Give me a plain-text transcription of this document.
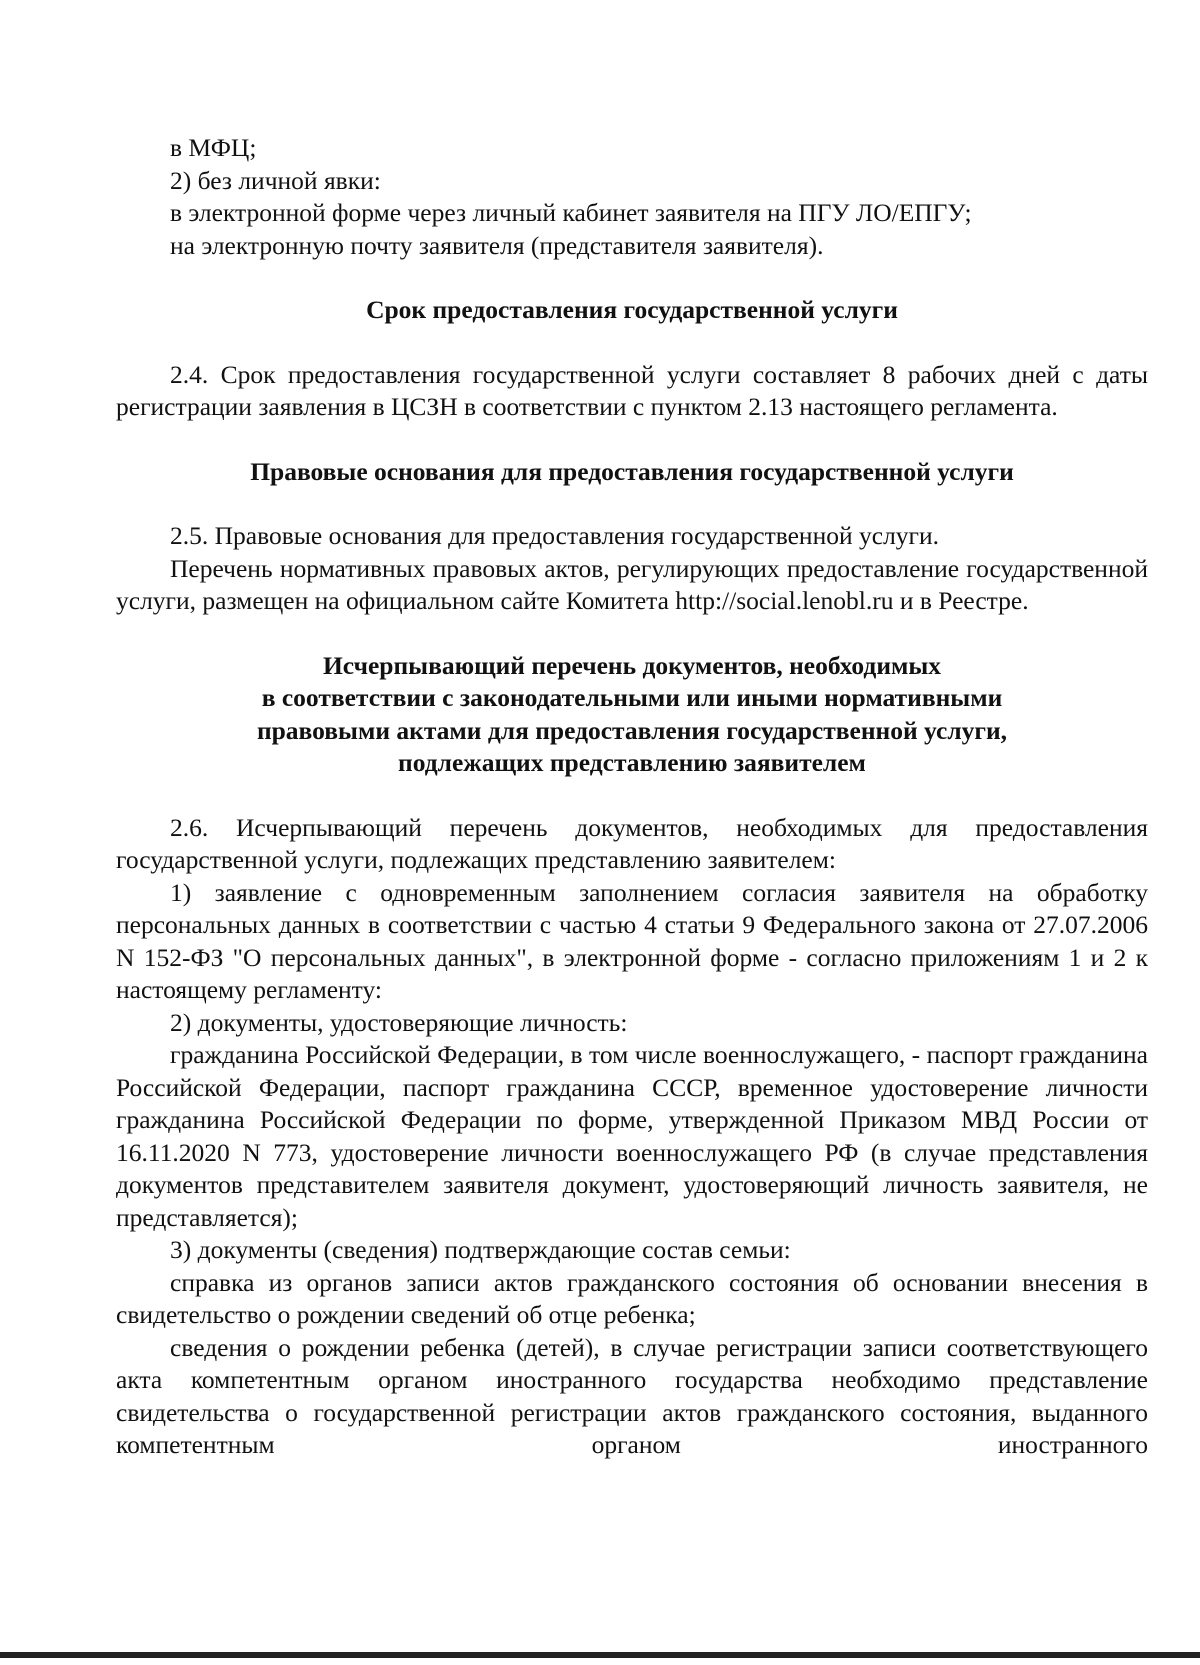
в МФЦ;

2) без личной явки:

в электронной форме через личный кабинет заявителя на ПГУ ЛО/ЕПГУ;

на электронную почту заявителя (представителя заявителя).

Срок предоставления государственной услуги

2.4. Срок предоставления государственной услуги составляет 8 рабочих дней с даты регистрации заявления в ЦСЗН в соответствии с пунктом 2.13 настоящего регламента.

Правовые основания для предоставления государственной услуги

2.5. Правовые основания для предоставления государственной услуги.

Перечень нормативных правовых актов, регулирующих предоставление государственной услуги, размещен на официальном сайте Комитета http://social.lenobl.ru и в Реестре.

Исчерпывающий перечень документов, необходимых

в соответствии с законодательными или иными нормативными

правовыми актами для предоставления государственной услуги,

подлежащих представлению заявителем

2.6. Исчерпывающий перечень документов, необходимых для предоставления государственной услуги, подлежащих представлению заявителем:

1) заявление с одновременным заполнением согласия заявителя на обработку персональных данных в соответствии с частью 4 статьи 9 Федерального закона от 27.07.2006 N 152-ФЗ "О персональных данных", в электронной форме - согласно приложениям 1 и 2 к настоящему регламенту:

2) документы, удостоверяющие личность:

гражданина Российской Федерации, в том числе военнослужащего, - паспорт гражданина Российской Федерации, паспорт гражданина СССР, временное удостоверение личности гражданина Российской Федерации по форме, утвержденной Приказом МВД России от 16.11.2020 N 773, удостоверение личности военнослужащего РФ (в случае представления документов представителем заявителя документ, удостоверяющий личность заявителя, не представляется);

3) документы (сведения) подтверждающие состав семьи:

справка из органов записи актов гражданского состояния об основании внесения в свидетельство о рождении сведений об отце ребенка;

сведения о рождении ребенка (детей), в случае регистрации записи соответствующего акта компетентным органом иностранного государства необходимо представление свидетельства о государственной регистрации актов гражданского состояния, выданного компетентным органом иностранного
